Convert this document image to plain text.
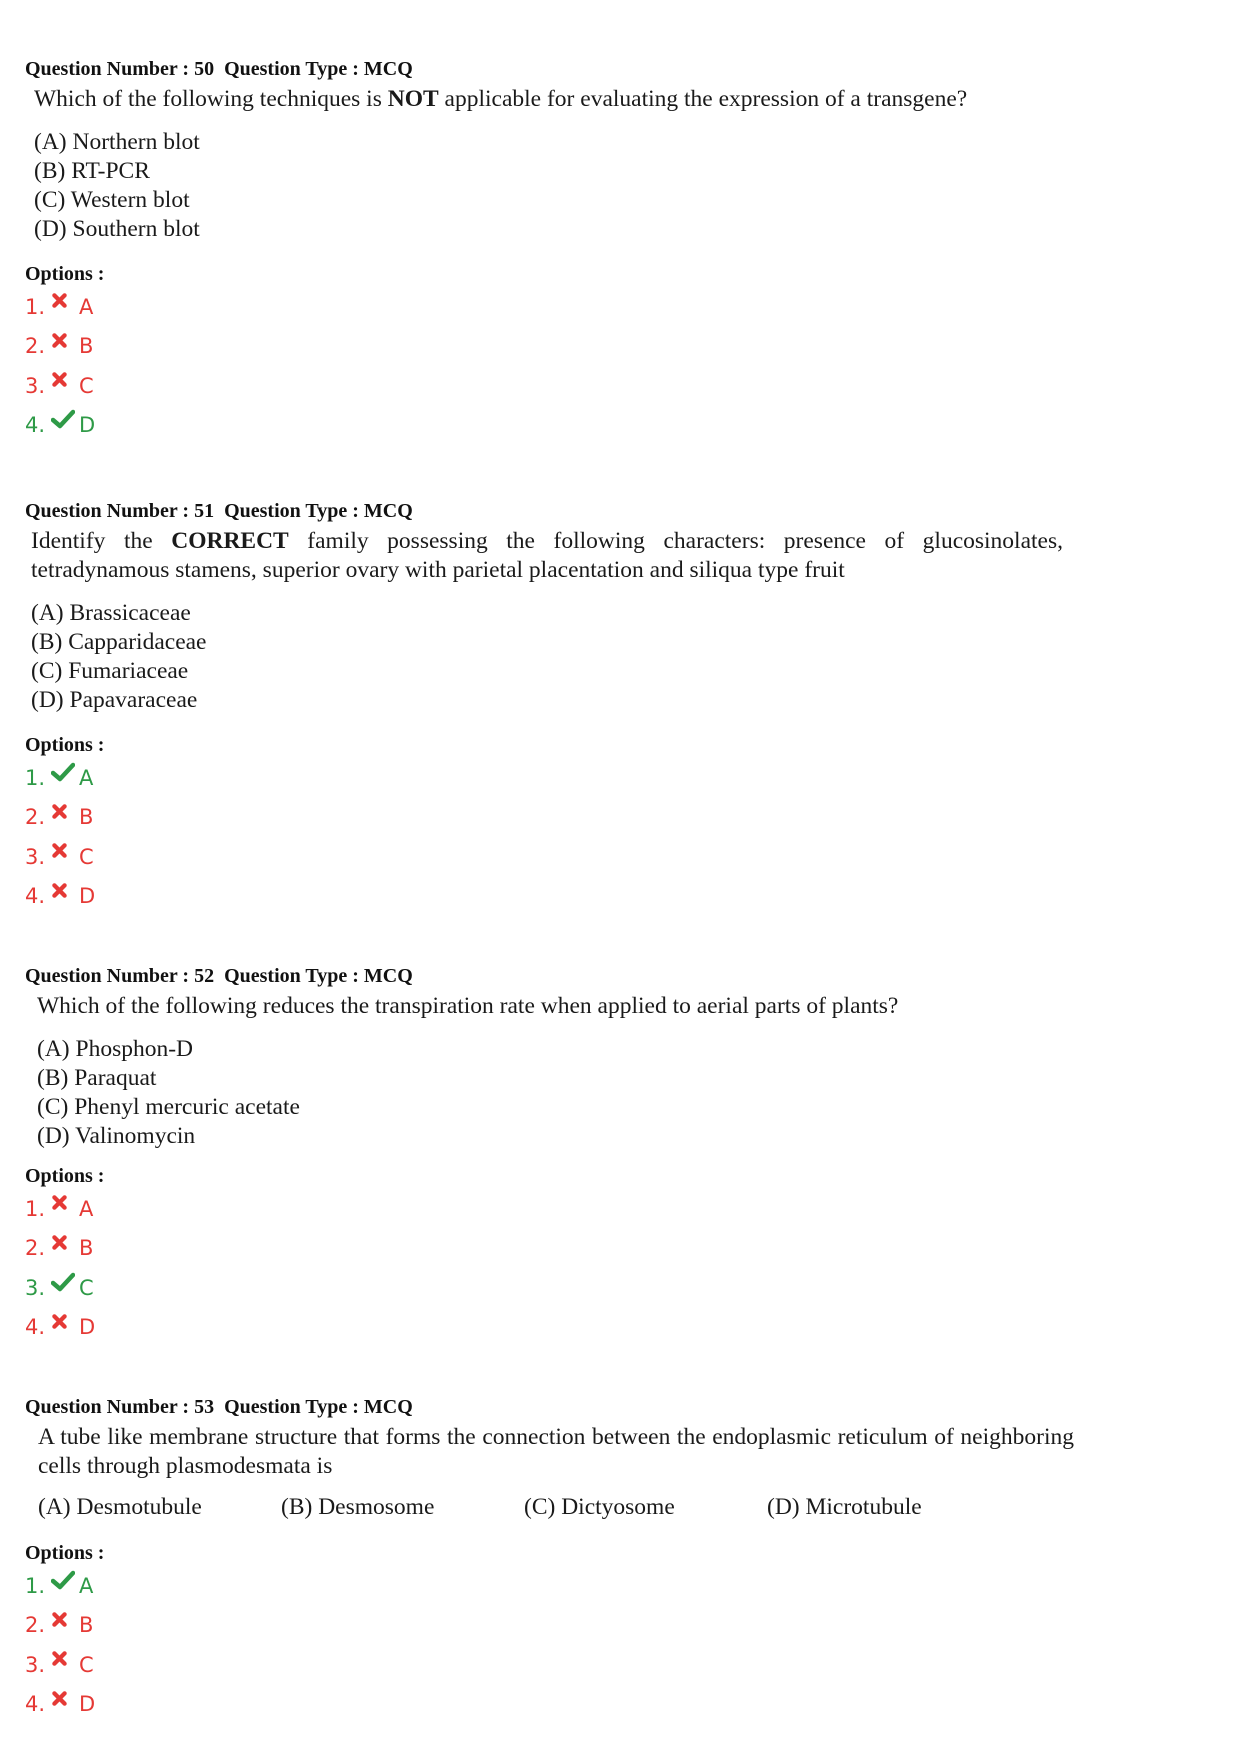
Question Number : 50 Question Type : MCQ
Which of the following techniques is NOT applicable for evaluating the expression of a transgene?
(A) Northern blot
(B) RT-PCR
(C) Western blot
(D) Southern blot
Options :
1. A
2. B
3. C
4. D
Question Number : 51 Question Type : MCQ
Identify the CORRECT family possessing the following characters: presence of glucosinolates, tetradynamous stamens, superior ovary with parietal placentation and siliqua type fruit
(A) Brassicaceae
(B) Capparidaceae
(C) Fumariaceae
(D) Papavaraceae
Options :
1. A
2. B
3. C
4. D
Question Number : 52 Question Type : MCQ
Which of the following reduces the transpiration rate when applied to aerial parts of plants?
(A) Phosphon-D
(B) Paraquat
(C) Phenyl mercuric acetate
(D) Valinomycin
Options :
1. A
2. B
3. C
4. D
Question Number : 53 Question Type : MCQ
A tube like membrane structure that forms the connection between the endoplasmic reticulum of neighboring cells through plasmodesmata is
(A) Desmotubule	(B) Desmosome	(C) Dictyosome	(D) Microtubule
Options :
1. A
2. B
3. C
4. D
